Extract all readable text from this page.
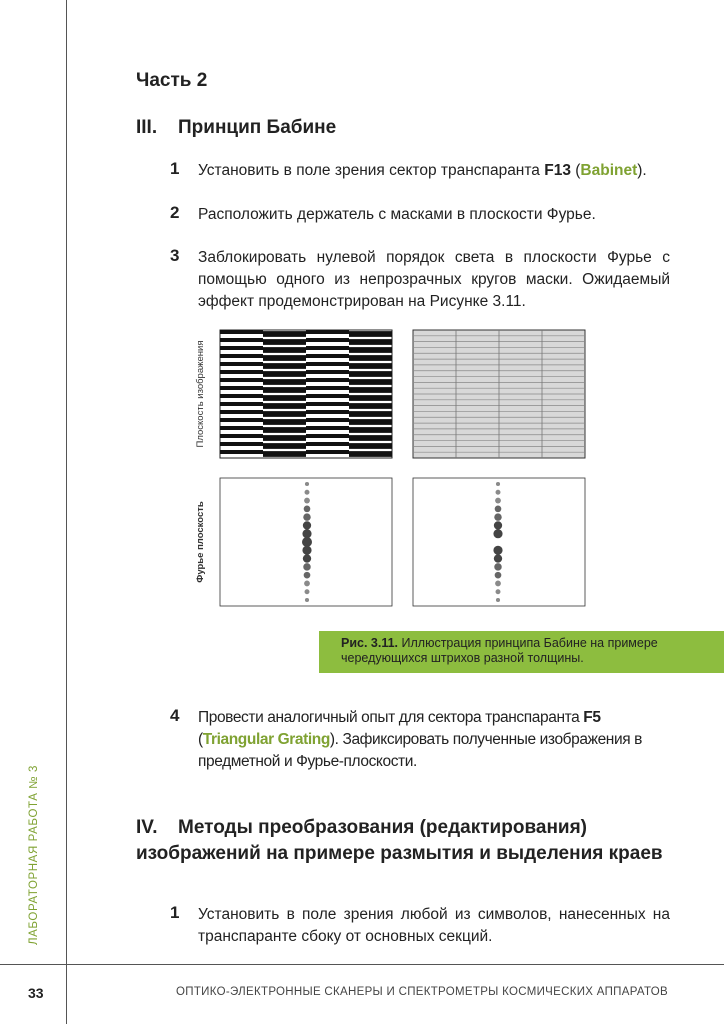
ЛАБОРАТОРНАЯ РАБОТА № 3
33	ОПТИКО-ЭЛЕКТРОННЫЕ СКАНЕРЫ И СПЕКТРОМЕТРЫ КОСМИЧЕСКИХ АППАРАТОВ
Часть 2
III. Принцип Бабине
1 Установить в поле зрения сектор транспаранта F13 (Babinet).
2 Расположить держатель с масками в плоскости Фурье.
3 Заблокировать нулевой порядок света в плоскости Фурье с помощью одного из непрозрачных кругов маски. Ожидаемый эффект продемонстрирован на Рисунке 3.11.
Плоскость изображения
Фурье плоскость
Рис. 3.11. Иллюстрация принципа Бабине на примере чередующихся штрихов разной толщины.
4 Провести аналогичный опыт для сектора транспаранта F5 (Triangular Grating). Зафиксировать полученные изображения в предметной и Фурье-плоскости.
IV. Методы преобразования (редактирования)
изображений на примере размытия и выделения краев
1 Установить в поле зрения любой из символов, нанесенных на транспаранте сбоку от основных секций.
